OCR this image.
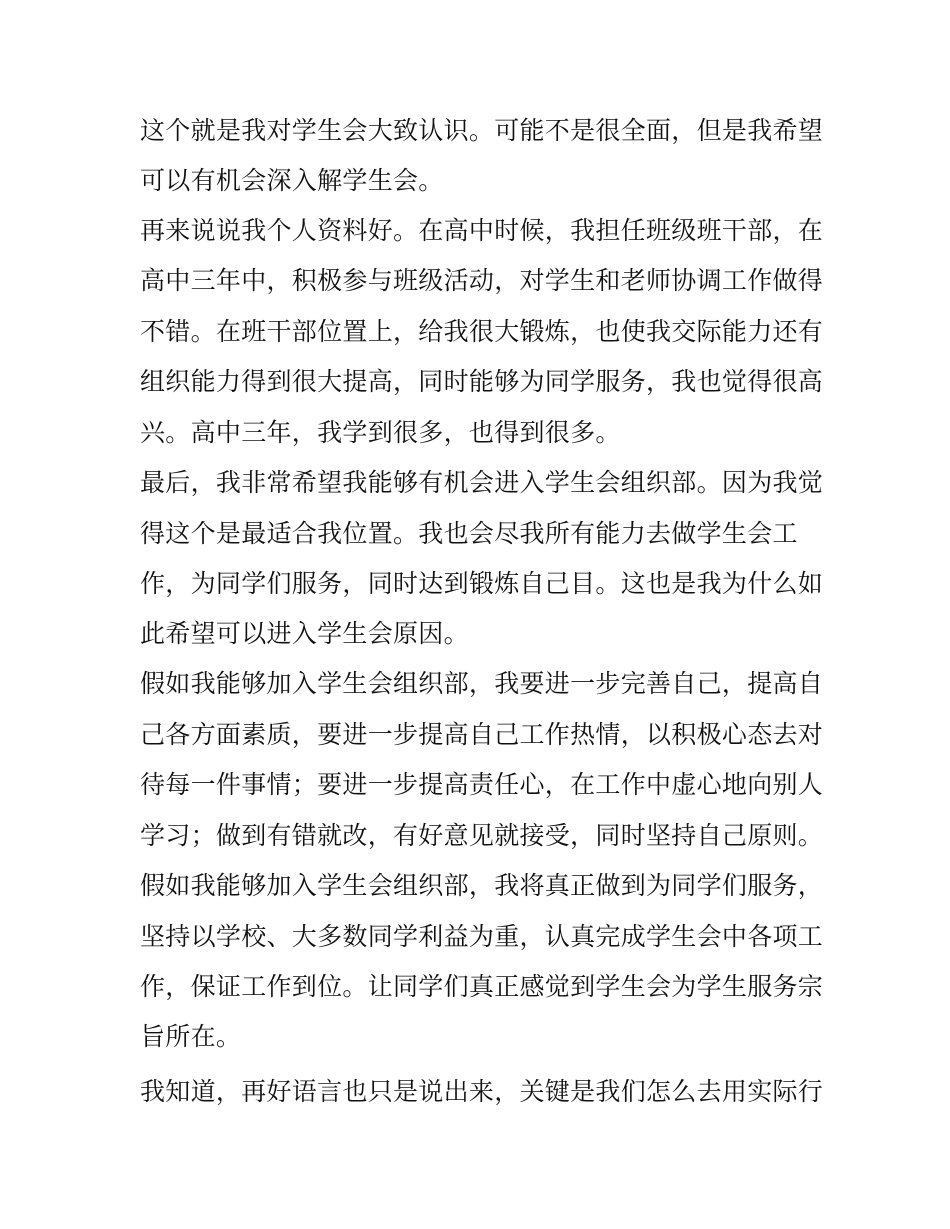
这个就是我对学生会大致认识。可能不是很全面，但是我希望
可以有机会深入解学生会。
再来说说我个人资料好。在高中时候，我担任班级班干部，在
高中三年中，积极参与班级活动，对学生和老师协调工作做得
不错。在班干部位置上，给我很大锻炼，也使我交际能力还有
组织能力得到很大提高，同时能够为同学服务，我也觉得很高
兴。高中三年，我学到很多，也得到很多。
最后，我非常希望我能够有机会进入学生会组织部。因为我觉
得这个是最适合我位置。我也会尽我所有能力去做学生会工
作，为同学们服务，同时达到锻炼自己目。这也是我为什么如
此希望可以进入学生会原因。
假如我能够加入学生会组织部，我要进一步完善自己，提高自
己各方面素质，要进一步提高自己工作热情，以积极心态去对
待每一件事情；要进一步提高责任心，在工作中虚心地向别人
学习；做到有错就改，有好意见就接受，同时坚持自己原则。
假如我能够加入学生会组织部，我将真正做到为同学们服务，
坚持以学校、大多数同学利益为重，认真完成学生会中各项工
作，保证工作到位。让同学们真正感觉到学生会为学生服务宗
旨所在。
我知道，再好语言也只是说出来，关键是我们怎么去用实际行
